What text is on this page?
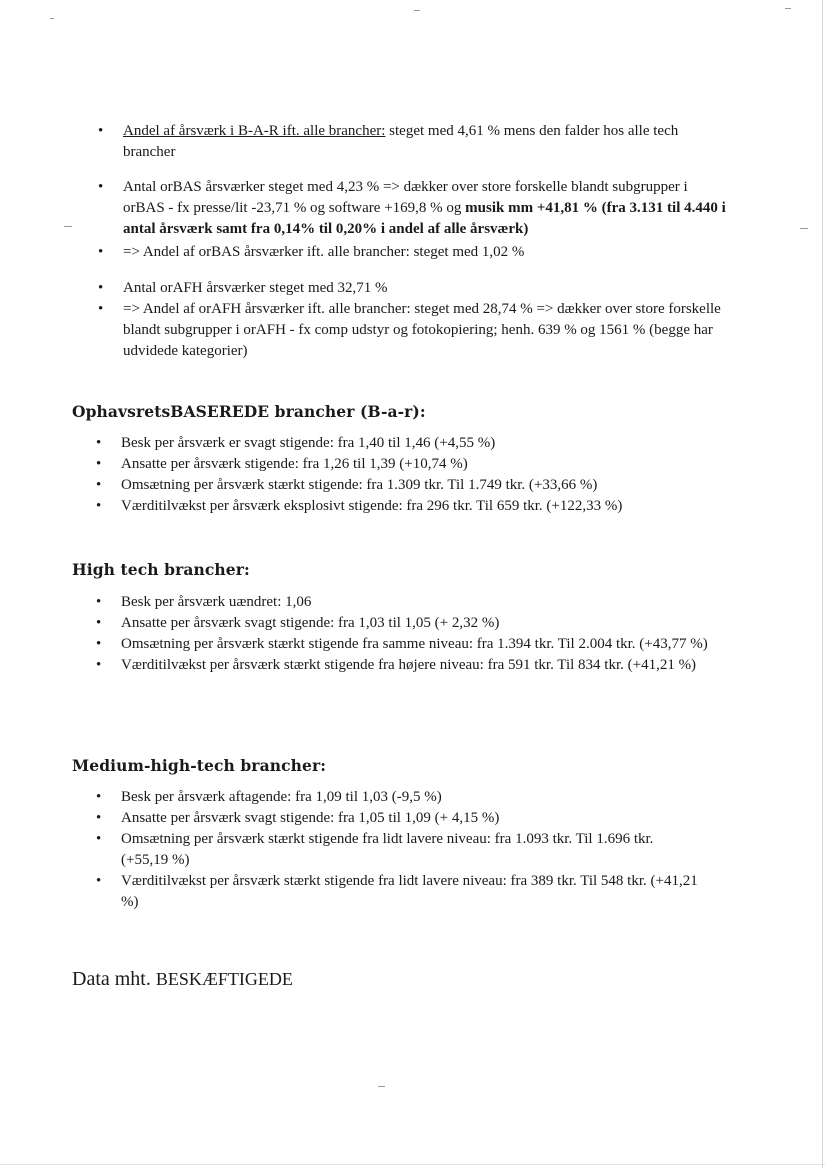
• Andel af årsværk i B-A-R ift. alle brancher: steget med 4,61 % mens den falder hos alle tech brancher
• Antal orBAS årsværker steget med 4,23 % => dækker over store forskelle blandt subgrupper i orBAS - fx presse/lit -23,71 % og software +169,8 % og musik mm +41,81 % (fra 3.131 til 4.440 i antal årsværk samt fra 0,14% til 0,20% i andel af alle årsværk)
• => Andel af orBAS årsværker ift. alle brancher: steget med 1,02 %
• Antal orAFH årsværker steget med 32,71 %
• => Andel af orAFH årsværker ift. alle brancher: steget med 28,74 % => dækker over store forskelle blandt subgrupper i orAFH - fx comp udstyr og fotokopiering; henh. 639 % og 1561 % (begge har udvidede kategorier)
OphavsretsBASEREDE brancher (B-a-r):
• Besk per årsværk er svagt stigende: fra 1,40 til 1,46 (+4,55 %)
• Ansatte per årsværk stigende: fra 1,26 til 1,39 (+10,74 %)
• Omsætning per årsværk stærkt stigende: fra 1.309 tkr. Til 1.749 tkr. (+33,66 %)
• Værditilvækst per årsværk eksplosivt stigende: fra 296 tkr. Til 659 tkr. (+122,33 %)
High tech brancher:
• Besk per årsværk uændret: 1,06
• Ansatte per årsværk svagt stigende: fra 1,03 til 1,05 (+ 2,32 %)
• Omsætning per årsværk stærkt stigende fra samme niveau: fra 1.394 tkr. Til 2.004 tkr. (+43,77 %)
• Værditilvækst per årsværk stærkt stigende fra højere niveau: fra 591 tkr. Til 834 tkr. (+41,21 %)
Medium-high-tech brancher:
• Besk per årsværk aftagende: fra 1,09 til 1,03 (-9,5 %)
• Ansatte per årsværk svagt stigende: fra 1,05 til 1,09 (+ 4,15 %)
• Omsætning per årsværk stærkt stigende fra lidt lavere niveau: fra 1.093 tkr. Til 1.696 tkr. (+55,19 %)
• Værditilvækst per årsværk stærkt stigende fra lidt lavere niveau: fra 389 tkr. Til 548 tkr. (+41,21 %)
Data mht. BESKÆFTIGEDE
